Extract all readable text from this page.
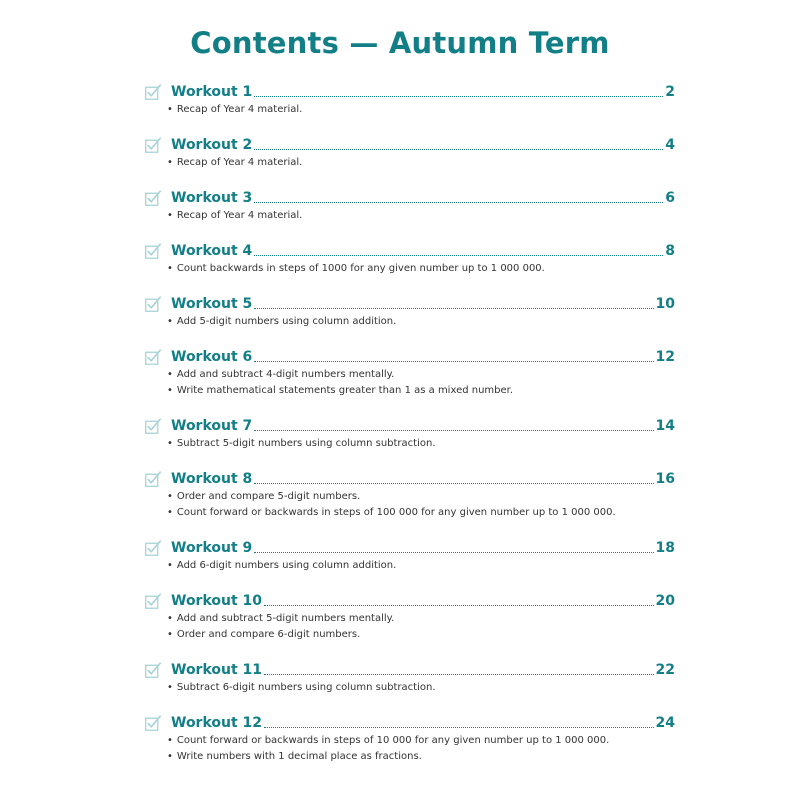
Contents — Autumn Term
Workout 1	2
• Recap of Year 4 material.
Workout 2	4
• Recap of Year 4 material.
Workout 3	6
• Recap of Year 4 material.
Workout 4	8
• Count backwards in steps of 1000 for any given number up to 1 000 000.
Workout 5	10
• Add 5-digit numbers using column addition.
Workout 6	12
• Add and subtract 4-digit numbers mentally.
• Write mathematical statements greater than 1 as a mixed number.
Workout 7	14
• Subtract 5-digit numbers using column subtraction.
Workout 8	16
• Order and compare 5-digit numbers.
• Count forward or backwards in steps of 100 000 for any given number up to 1 000 000.
Workout 9	18
• Add 6-digit numbers using column addition.
Workout 10	20
• Add and subtract 5-digit numbers mentally.
• Order and compare 6-digit numbers.
Workout 11	22
• Subtract 6-digit numbers using column subtraction.
Workout 12	24
• Count forward or backwards in steps of 10 000 for any given number up to 1 000 000.
• Write numbers with 1 decimal place as fractions.
